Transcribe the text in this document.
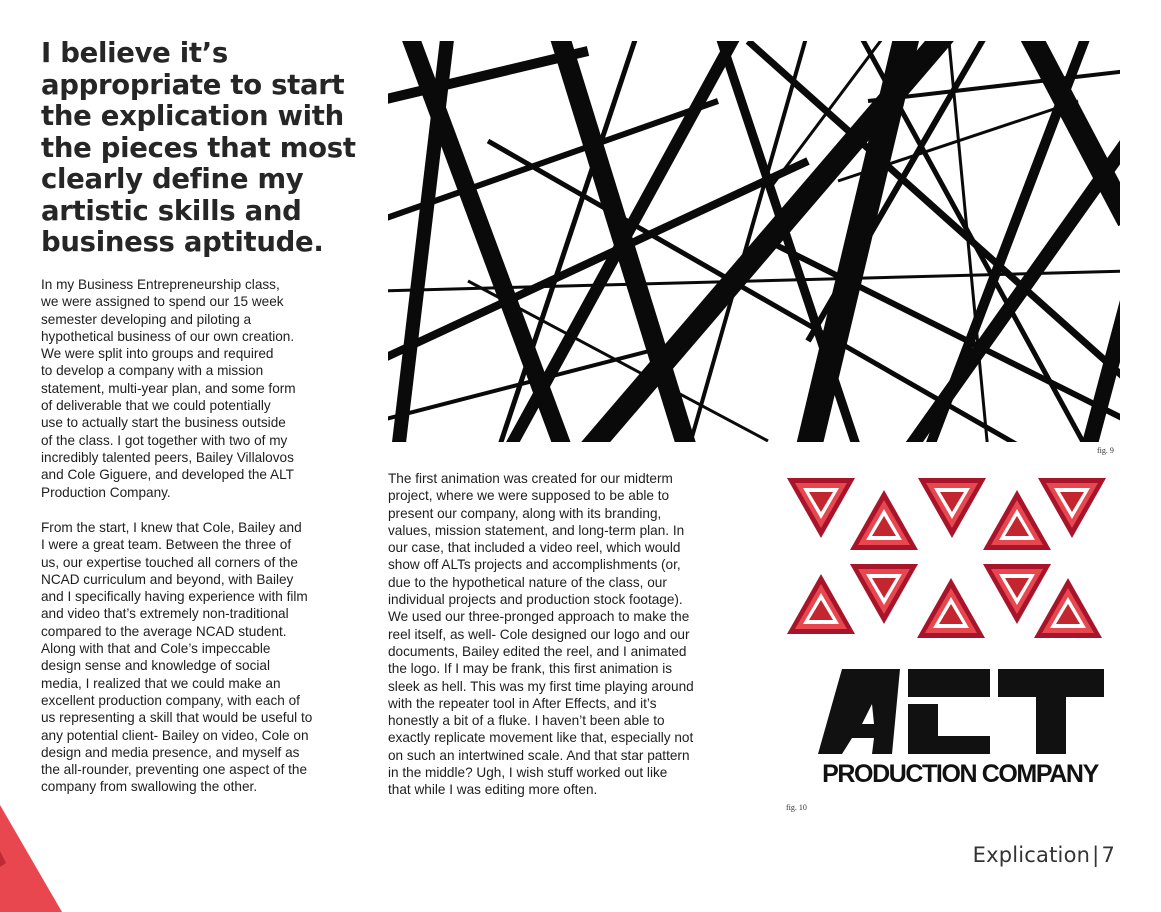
I believe it’s appropriate to start the explication with the pieces that most clearly define my artistic skills and business aptitude.

In my Business Entrepreneurship class,
we were assigned to spend our 15 week
semester developing and piloting a
hypothetical business of our own creation.
We were split into groups and required
to develop a company with a mission
statement, multi-year plan, and some form
of deliverable that we could potentially
use to actually start the business outside
of the class. I got together with two of my
incredibly talented peers, Bailey Villalovos
and Cole Giguere, and developed the ALT
Production Company.

From the start, I knew that Cole, Bailey and
I were a great team. Between the three of
us, our expertise touched all corners of the
NCAD curriculum and beyond, with Bailey
and I specifically having experience with film
and video that’s extremely non-traditional
compared to the average NCAD student.
Along with that and Cole’s impeccable
design sense and knowledge of social
media, I realized that we could make an
excellent production company, with each of
us representing a skill that would be useful to
any potential client- Bailey on video, Cole on
design and media presence, and myself as
the all-rounder, preventing one aspect of the
company from swallowing the other.

fig. 9

The first animation was created for our midterm
project, where we were supposed to be able to
present our company, along with its branding,
values, mission statement, and long-term plan. In
our case, that included a video reel, which would
show off ALTs projects and accomplishments (or,
due to the hypothetical nature of the class, our
individual projects and production stock footage).
We used our three-pronged approach to make the
reel itself, as well- Cole designed our logo and our
documents, Bailey edited the reel, and I animated
the logo. If I may be frank, this first animation is
sleek as hell. This was my first time playing around
with the repeater tool in After Effects, and it’s
honestly a bit of a fluke. I haven’t been able to
exactly replicate movement like that, especially not
on such an intertwined scale. And that star pattern
in the middle? Ugh, I wish stuff worked out like
that while I was editing more often.

PRODUCTION COMPANY

fig. 10

Explication|7
